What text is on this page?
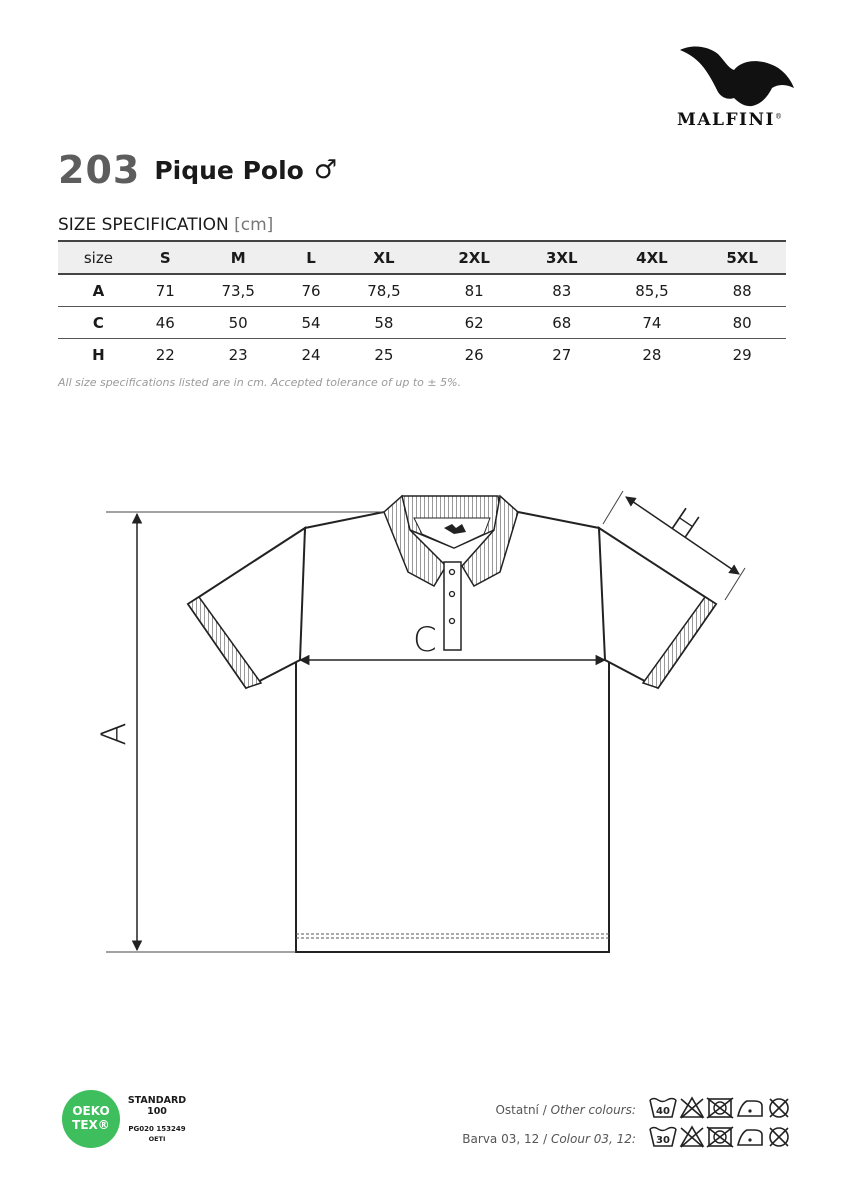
MALFINI®
203 Pique Polo ♂
SIZE SPECIFICATION [cm]
size	S	M	L	XL	2XL	3XL	4XL	5XL
A	71	73,5	76	78,5	81	83	85,5	88
C	46	50	54	58	62	68	74	80
H	22	23	24	25	26	27	28	29
All size specifications listed are in cm. Accepted tolerance of up to ± 5%.
A
C
H
OEKO
TEX®
STANDARD
100
PG020 153249
OETI
Ostatní / Other colours: 40
Barva 03, 12 / Colour 03, 12: 30
